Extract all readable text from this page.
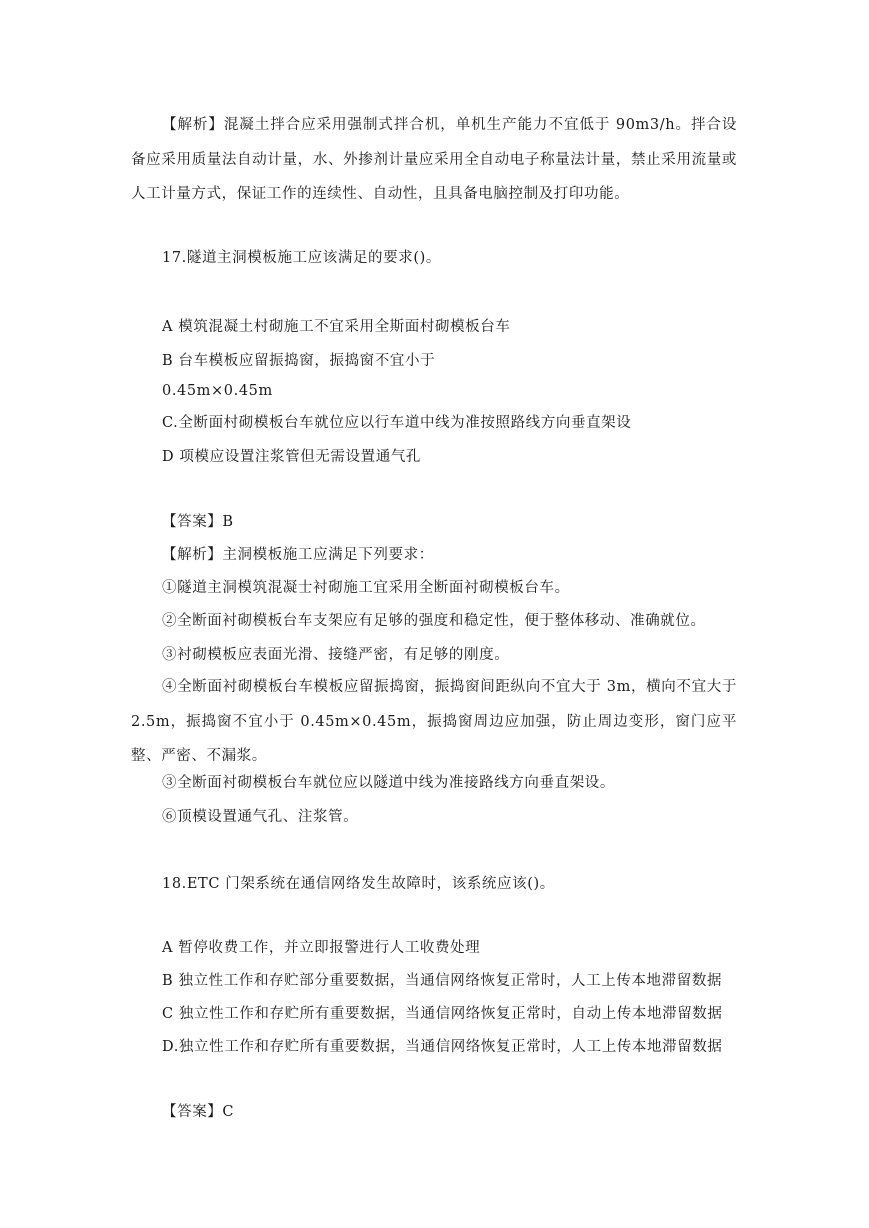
【解析】混凝土拌合应采用强制式拌合机，单机生产能力不宜低于 90m3/h。拌合设备应采用质量法自动计量，水、外掺剂计量应采用全自动电子称量法计量，禁止采用流量或人工计量方式，保证工作的连续性、自动性，且具备电脑控制及打印功能。
17.隧道主洞模板施工应该满足的要求()。
A 模筑混凝土村砌施工不宜采用全斯面村砌模板台车
B 台车模板应留振捣窗，振捣窗不宜小于
0.45m×0.45m
C.全断面村砌模板台车就位应以行车道中线为准按照路线方向垂直架设
D 项模应设置注浆管但无需设置通气孔
【答案】B
【解析】主洞模板施工应满足下列要求：
①隧道主洞模筑混凝士衬砌施工宜采用全断面衬砌模板台车。
②全断面衬砌模板台车支架应有足够的强度和稳定性，便于整体移动、准确就位。
③衬砌模板应表面光滑、接缝严密，有足够的刚度。
④全断面衬砌模板台车模板应留振捣窗，振捣窗间距纵向不宜大于 3m，横向不宜大于 2.5m，振捣窗不宜小于 0.45m×0.45m，振捣窗周边应加强，防止周边变形，窗门应平整、严密、不漏浆。
③全断面衬砌模板台车就位应以隧道中线为准接路线方向垂直架设。
⑥顶模设置通气孔、注浆管。
18.ETC 门架系统在通信网络发生故障时，该系统应该()。
A 暂停收费工作，并立即报警进行人工收费处理
B 独立性工作和存贮部分重要数据，当通信网络恢复正常时，人工上传本地滞留数据
C 独立性工作和存贮所有重要数据，当通信网络恢复正常时，自动上传本地滞留数据
D.独立性工作和存贮所有重要数据，当通信网络恢复正常时，人工上传本地滞留数据
【答案】C
